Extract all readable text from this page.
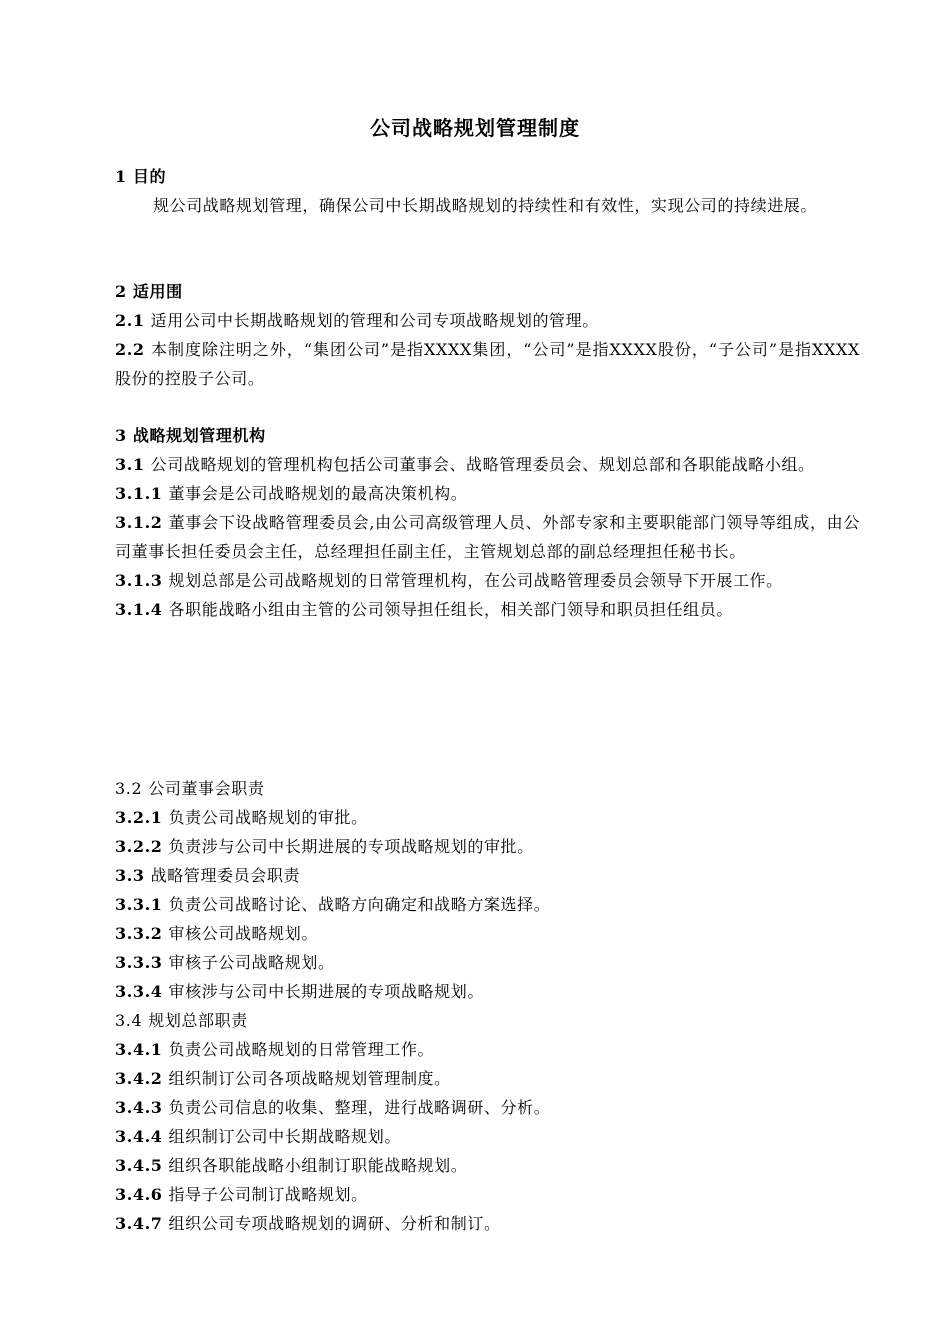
公司战略规划管理制度

1 目的

规公司战略规划管理，确保公司中长期战略规划的持续性和有效性，实现公司的持续进展。

2 适用围

2.1 适用公司中长期战略规划的管理和公司专项战略规划的管理。

2.2 本制度除注明之外，“集团公司”是指XXXX集团，“公司”是指XXXX股份，“子公司”是指XXXX股份的控股子公司。

3 战略规划管理机构

3.1 公司战略规划的管理机构包括公司董事会、战略管理委员会、规划总部和各职能战略小组。

3.1.1 董事会是公司战略规划的最高决策机构。

3.1.2 董事会下设战略管理委员会,由公司高级管理人员、外部专家和主要职能部门领导等组成，由公司董事长担任委员会主任，总经理担任副主任，主管规划总部的副总经理担任秘书长。

3.1.3 规划总部是公司战略规划的日常管理机构，在公司战略管理委员会领导下开展工作。

3.1.4 各职能战略小组由主管的公司领导担任组长，相关部门领导和职员担任组员。

3.2 公司董事会职责

3.2.1 负责公司战略规划的审批。

3.2.2 负责涉与公司中长期进展的专项战略规划的审批。

3.3 战略管理委员会职责

3.3.1 负责公司战略讨论、战略方向确定和战略方案选择。

3.3.2 审核公司战略规划。

3.3.3 审核子公司战略规划。

3.3.4 审核涉与公司中长期进展的专项战略规划。

3.4 规划总部职责

3.4.1 负责公司战略规划的日常管理工作。

3.4.2 组织制订公司各项战略规划管理制度。

3.4.3 负责公司信息的收集、整理，进行战略调研、分析。

3.4.4 组织制订公司中长期战略规划。

3.4.5 组织各职能战略小组制订职能战略规划。

3.4.6 指导子公司制订战略规划。

3.4.7 组织公司专项战略规划的调研、分析和制订。
